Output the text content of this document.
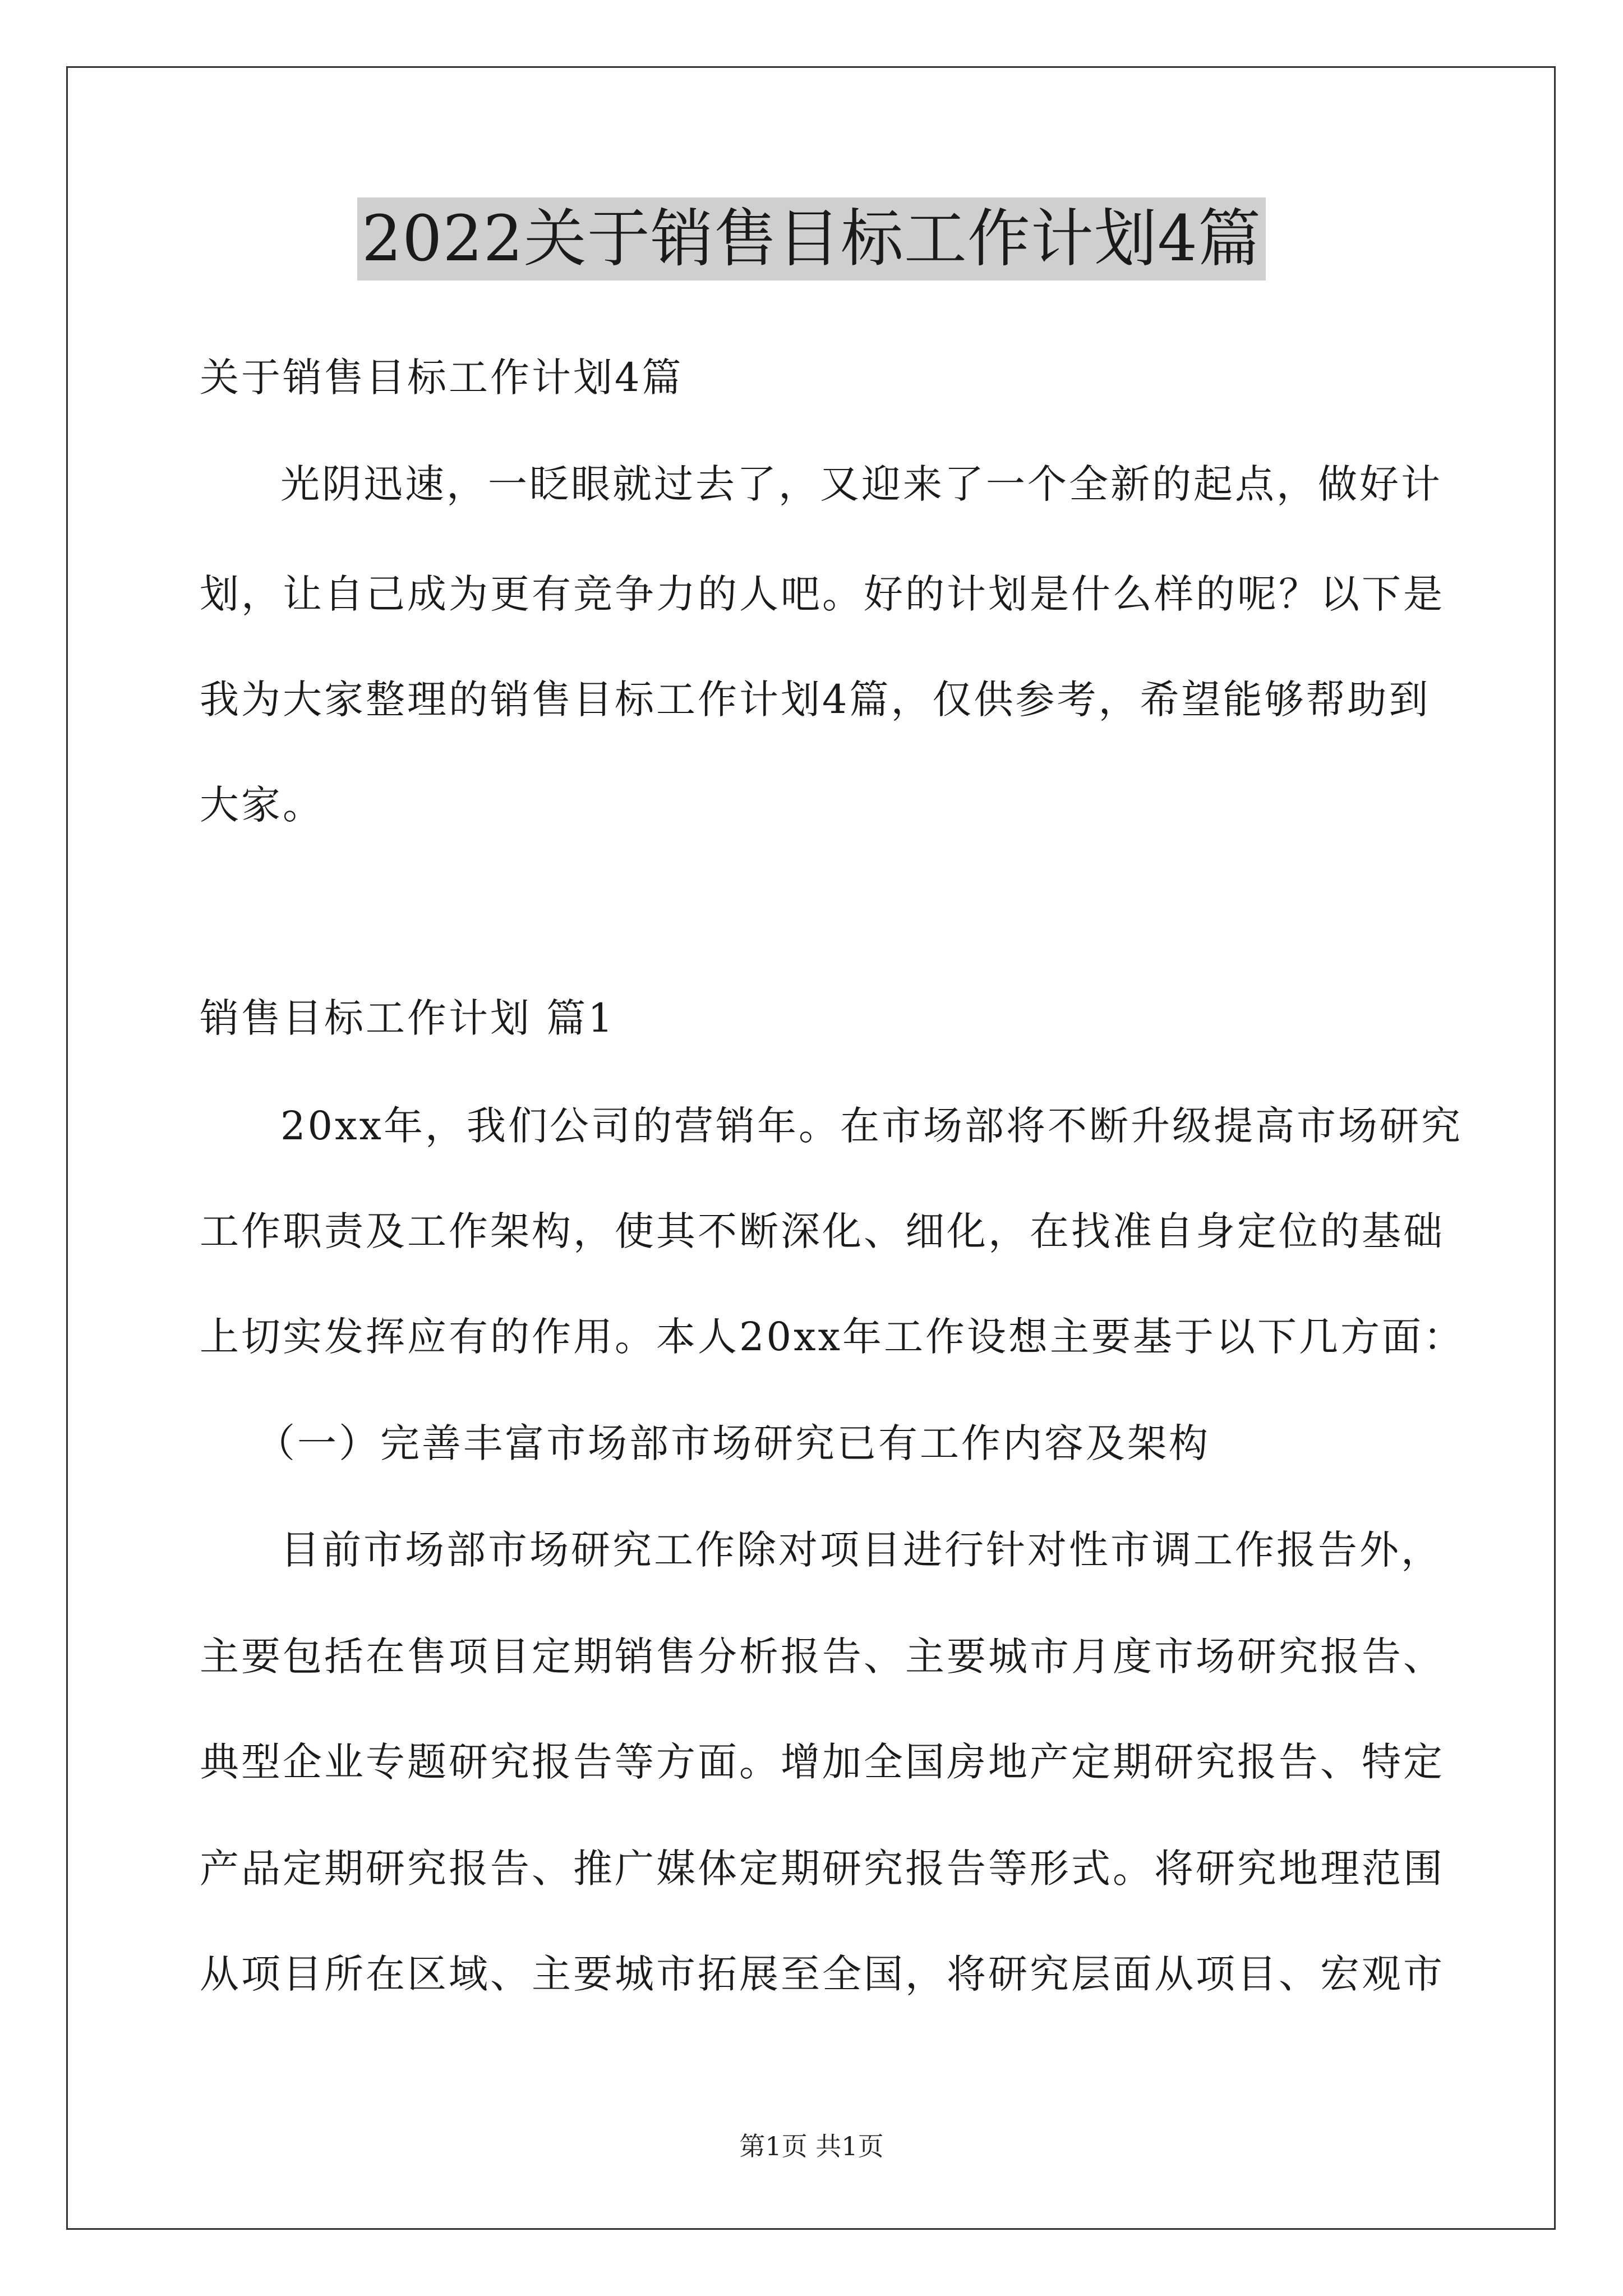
2022关于销售目标工作计划4篇
关于销售目标工作计划4篇
光阴迅速，一眨眼就过去了，又迎来了一个全新的起点，做好计
划，让自己成为更有竞争力的人吧。好的计划是什么样的呢？以下是
我为大家整理的销售目标工作计划4篇，仅供参考，希望能够帮助到
大家。
销售目标工作计划 篇1
20xx年，我们公司的营销年。在市场部将不断升级提高市场研究
工作职责及工作架构，使其不断深化、细化，在找准自身定位的基础
上切实发挥应有的作用。本人20xx年工作设想主要基于以下几方面：
（一）完善丰富市场部市场研究已有工作内容及架构
目前市场部市场研究工作除对项目进行针对性市调工作报告外，
主要包括在售项目定期销售分析报告、主要城市月度市场研究报告、
典型企业专题研究报告等方面。增加全国房地产定期研究报告、特定
产品定期研究报告、推广媒体定期研究报告等形式。将研究地理范围
从项目所在区域、主要城市拓展至全国，将研究层面从项目、宏观市
第1页 共1页
